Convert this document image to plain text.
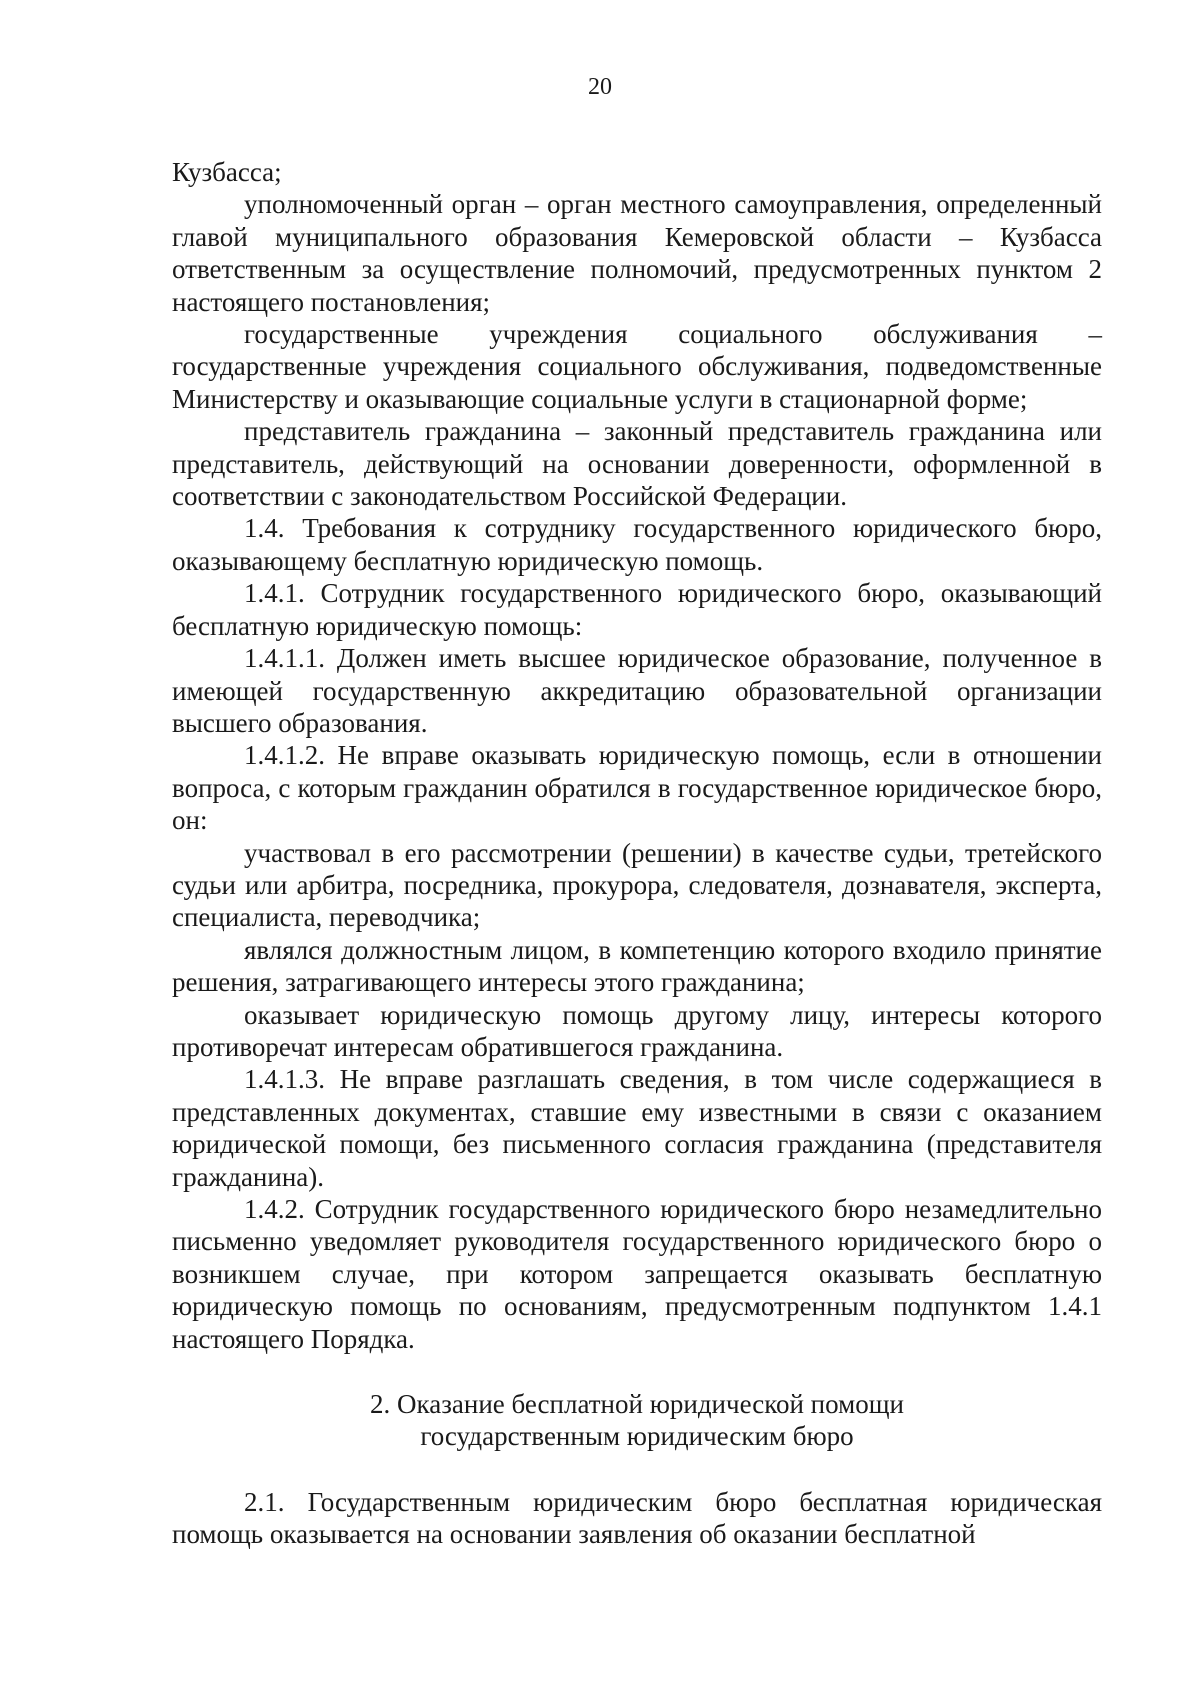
20

Кузбасса;

уполномоченный орган – орган местного самоуправления, определенный главой муниципального образования Кемеровской области – Кузбасса ответственным за осуществление полномочий, предусмотренных пунктом 2 настоящего постановления;

государственные учреждения социального обслуживания – государственные учреждения социального обслуживания, подведомственные Министерству и оказывающие социальные услуги в стационарной форме;

представитель гражданина – законный представитель гражданина или представитель, действующий на основании доверенности, оформленной в соответствии с законодательством Российской Федерации.

1.4. Требования к сотруднику государственного юридического бюро, оказывающему бесплатную юридическую помощь.

1.4.1. Сотрудник государственного юридического бюро, оказывающий бесплатную юридическую помощь:

1.4.1.1. Должен иметь высшее юридическое образование, полученное в имеющей государственную аккредитацию образовательной организации высшего образования.

1.4.1.2. Не вправе оказывать юридическую помощь, если в отношении вопроса, с которым гражданин обратился в государственное юридическое бюро, он:

участвовал в его рассмотрении (решении) в качестве судьи, третейского судьи или арбитра, посредника, прокурора, следователя, дознавателя, эксперта, специалиста, переводчика;

являлся должностным лицом, в компетенцию которого входило принятие решения, затрагивающего интересы этого гражданина;

оказывает юридическую помощь другому лицу, интересы которого противоречат интересам обратившегося гражданина.

1.4.1.3. Не вправе разглашать сведения, в том числе содержащиеся в представленных документах, ставшие ему известными в связи с оказанием юридической помощи, без письменного согласия гражданина (представителя гражданина).

1.4.2. Сотрудник государственного юридического бюро незамедлительно письменно уведомляет руководителя государственного юридического бюро о возникшем случае, при котором запрещается оказывать бесплатную юридическую помощь по основаниям, предусмотренным подпунктом 1.4.1 настоящего Порядка.

2. Оказание бесплатной юридической помощи
государственным юридическим бюро

2.1. Государственным юридическим бюро бесплатная юридическая помощь оказывается на основании заявления об оказании бесплатной
